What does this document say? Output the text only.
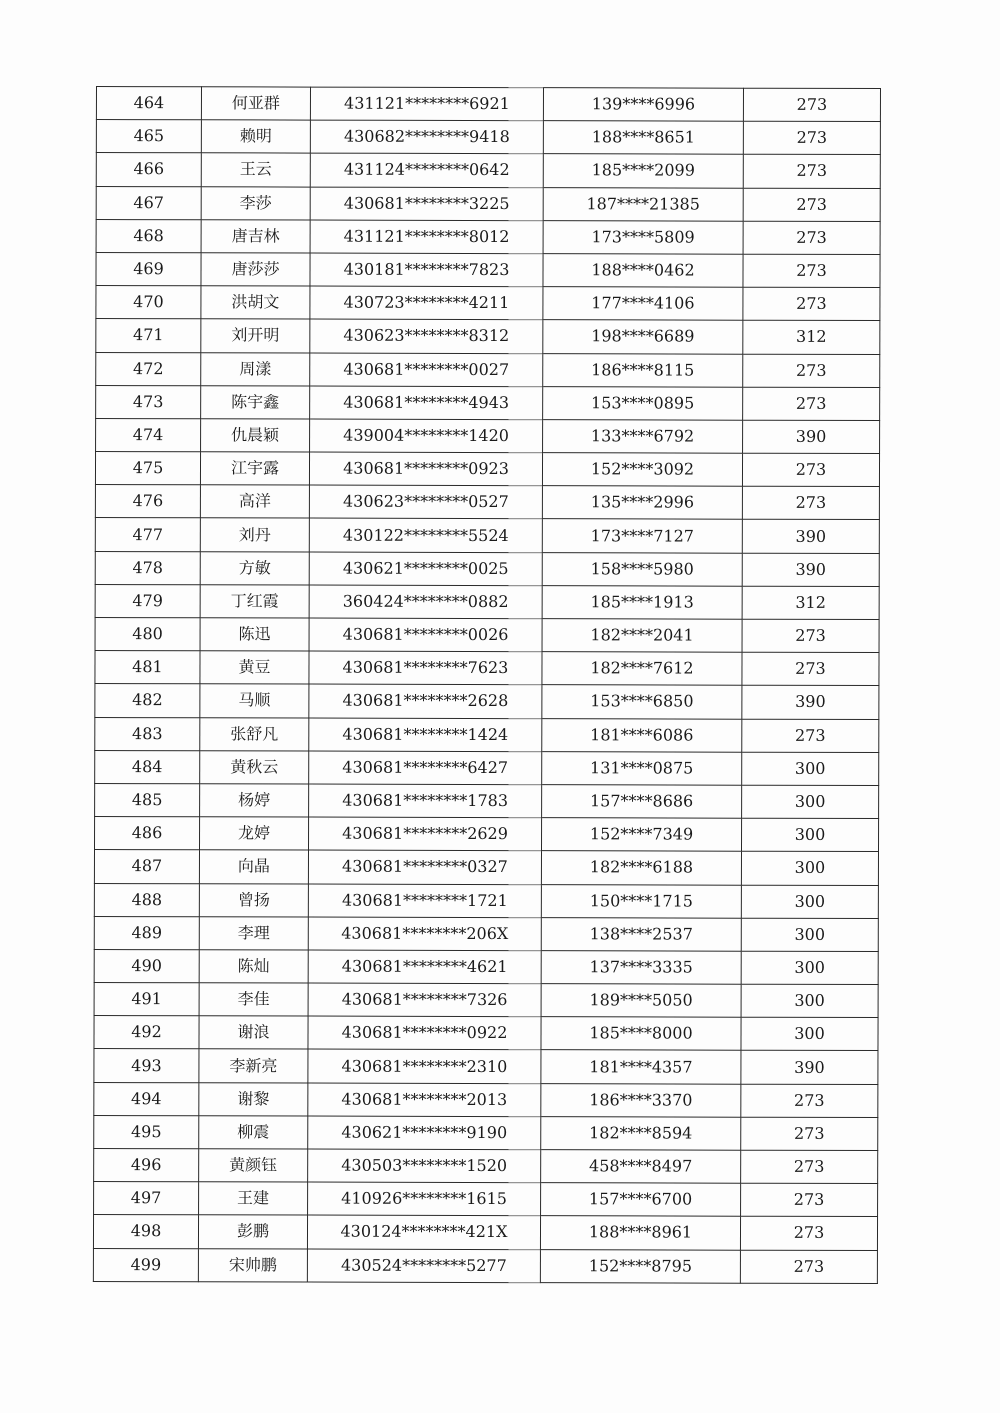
464	何亚群	431121********6921	139****6996	273
465	赖明	430682********9418	188****8651	273
466	王云	431124********0642	185****2099	273
467	李莎	430681********3225	187****21385	273
468	唐吉林	431121********8012	173****5809	273
469	唐莎莎	430181********7823	188****0462	273
470	洪胡文	430723********4211	177****4106	273
471	刘开明	430623********8312	198****6689	312
472	周漾	430681********0027	186****8115	273
473	陈宇鑫	430681********4943	153****0895	273
474	仇晨颖	439004********1420	133****6792	390
475	江宇露	430681********0923	152****3092	273
476	高洋	430623********0527	135****2996	273
477	刘丹	430122********5524	173****7127	390
478	方敏	430621********0025	158****5980	390
479	丁红霞	360424********0882	185****1913	312
480	陈迅	430681********0026	182****2041	273
481	黄豆	430681********7623	182****7612	273
482	马顺	430681********2628	153****6850	390
483	张舒凡	430681********1424	181****6086	273
484	黄秋云	430681********6427	131****0875	300
485	杨婷	430681********1783	157****8686	300
486	龙婷	430681********2629	152****7349	300
487	向晶	430681********0327	182****6188	300
488	曾扬	430681********1721	150****1715	300
489	李理	430681********206X	138****2537	300
490	陈灿	430681********4621	137****3335	300
491	李佳	430681********7326	189****5050	300
492	谢浪	430681********0922	185****8000	300
493	李新亮	430681********2310	181****4357	390
494	谢黎	430681********2013	186****3370	273
495	柳震	430621********9190	182****8594	273
496	黄颜钰	430503********1520	458****8497	273
497	王建	410926********1615	157****6700	273
498	彭鹏	430124********421X	188****8961	273
499	宋帅鹏	430524********5277	152****8795	273
